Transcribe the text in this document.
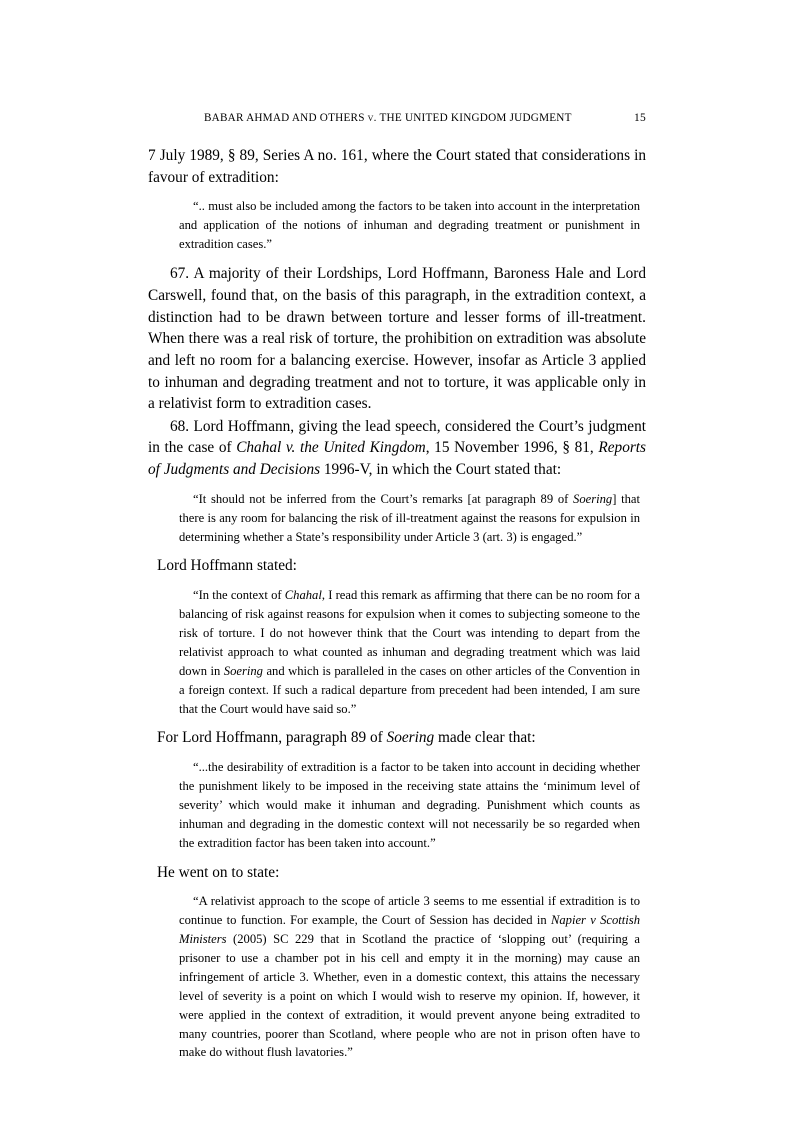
BABAR AHMAD AND OTHERS v. THE UNITED KINGDOM JUDGMENT	15

7 July 1989, § 89, Series A no. 161, where the Court stated that considerations in favour of extradition:

“.. must also be included among the factors to be taken into account in the interpretation and application of the notions of inhuman and degrading treatment or punishment in extradition cases.”

67. A majority of their Lordships, Lord Hoffmann, Baroness Hale and Lord Carswell, found that, on the basis of this paragraph, in the extradition context, a distinction had to be drawn between torture and lesser forms of ill-treatment. When there was a real risk of torture, the prohibition on extradition was absolute and left no room for a balancing exercise. However, insofar as Article 3 applied to inhuman and degrading treatment and not to torture, it was applicable only in a relativist form to extradition cases.

68. Lord Hoffmann, giving the lead speech, considered the Court’s judgment in the case of Chahal v. the United Kingdom, 15 November 1996, § 81, Reports of Judgments and Decisions 1996-V, in which the Court stated that:

“It should not be inferred from the Court’s remarks [at paragraph 89 of Soering] that there is any room for balancing the risk of ill-treatment against the reasons for expulsion in determining whether a State’s responsibility under Article 3 (art. 3) is engaged.”

Lord Hoffmann stated:

“In the context of Chahal, I read this remark as affirming that there can be no room for a balancing of risk against reasons for expulsion when it comes to subjecting someone to the risk of torture. I do not however think that the Court was intending to depart from the relativist approach to what counted as inhuman and degrading treatment which was laid down in Soering and which is paralleled in the cases on other articles of the Convention in a foreign context. If such a radical departure from precedent had been intended, I am sure that the Court would have said so.”

For Lord Hoffmann, paragraph 89 of Soering made clear that:

“...the desirability of extradition is a factor to be taken into account in deciding whether the punishment likely to be imposed in the receiving state attains the ‘minimum level of severity’ which would make it inhuman and degrading. Punishment which counts as inhuman and degrading in the domestic context will not necessarily be so regarded when the extradition factor has been taken into account.”

He went on to state:

“A relativist approach to the scope of article 3 seems to me essential if extradition is to continue to function. For example, the Court of Session has decided in Napier v Scottish Ministers (2005) SC 229 that in Scotland the practice of ‘slopping out’ (requiring a prisoner to use a chamber pot in his cell and empty it in the morning) may cause an infringement of article 3. Whether, even in a domestic context, this attains the necessary level of severity is a point on which I would wish to reserve my opinion. If, however, it were applied in the context of extradition, it would prevent anyone being extradited to many countries, poorer than Scotland, where people who are not in prison often have to make do without flush lavatories.”
